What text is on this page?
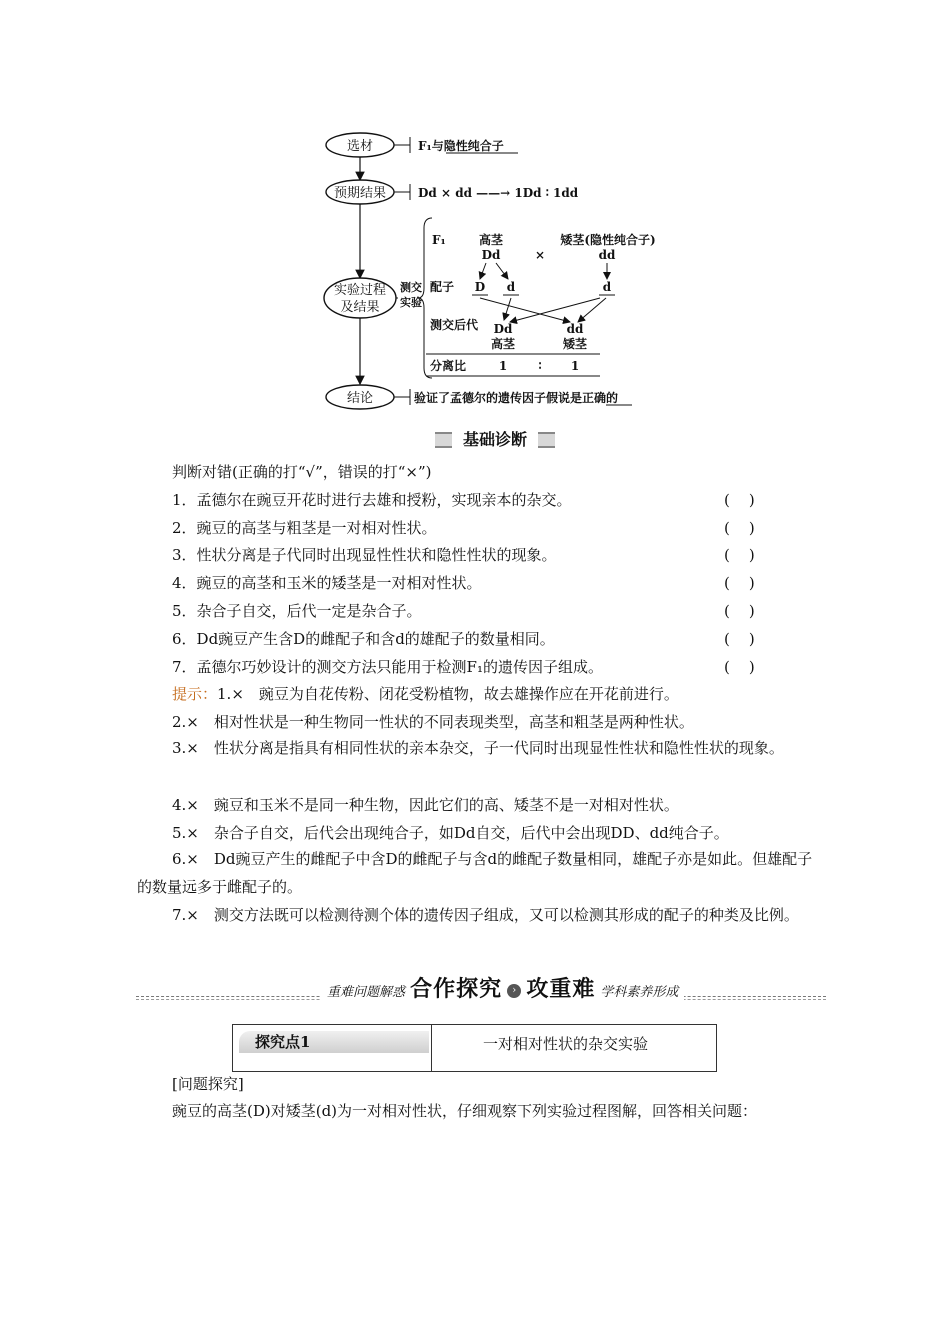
选材
预期结果
实验过程
及结果
结论
F₁与隐性纯合子
Dd × dd ——→ 1Dd ∶ 1dd
测交
实验
F₁	高茎	矮茎(隐性纯合子)
Dd	×	dd
配子 D d	d
测交后代 Dd	dd
高茎	矮茎
分离比	1	∶ 1
验证了孟德尔的遗传因子假说是正确的
基础诊断
判断对错(正确的打“√”，错误的打“×”)
1．孟德尔在豌豆开花时进行去雄和授粉，实现亲本的杂交。	(    )
2．豌豆的高茎与粗茎是一对相对性状。	(    )
3．性状分离是子代同时出现显性性状和隐性性状的现象。	(    )
4．豌豆的高茎和玉米的矮茎是一对相对性状。	(    )
5．杂合子自交，后代一定是杂合子。	(    )
6．Dd豌豆产生含D的雌配子和含d的雄配子的数量相同。	(    )
7．孟德尔巧妙设计的测交方法只能用于检测F₁的遗传因子组成。	(    )
提示：1.×　豌豆为自花传粉、闭花受粉植物，故去雄操作应在开花前进行。
2.×　相对性状是一种生物同一性状的不同表现类型，高茎和粗茎是两种性状。
3.×　性状分离是指具有相同性状的亲本杂交，子一代同时出现显性性状和隐性性状的现象。
4.×　豌豆和玉米不是同一种生物，因此它们的高、矮茎不是一对相对性状。
5.×　杂合子自交，后代会出现纯合子，如Dd自交，后代中会出现DD、dd纯合子。
6.×　Dd豌豆产生的雌配子中含D的雌配子与含d的雌配子数量相同，雄配子亦是如此。但雄配子的数量远多于雌配子的。
7.×　测交方法既可以检测待测个体的遗传因子组成，又可以检测其形成的配子的种类及比例。
重难问题解惑 合作探究 › 攻重难 学科素养形成
探究点1	一对相对性状的杂交实验
[问题探究]
豌豆的高茎(D)对矮茎(d)为一对相对性状，仔细观察下列实验过程图解，回答相关问题：
